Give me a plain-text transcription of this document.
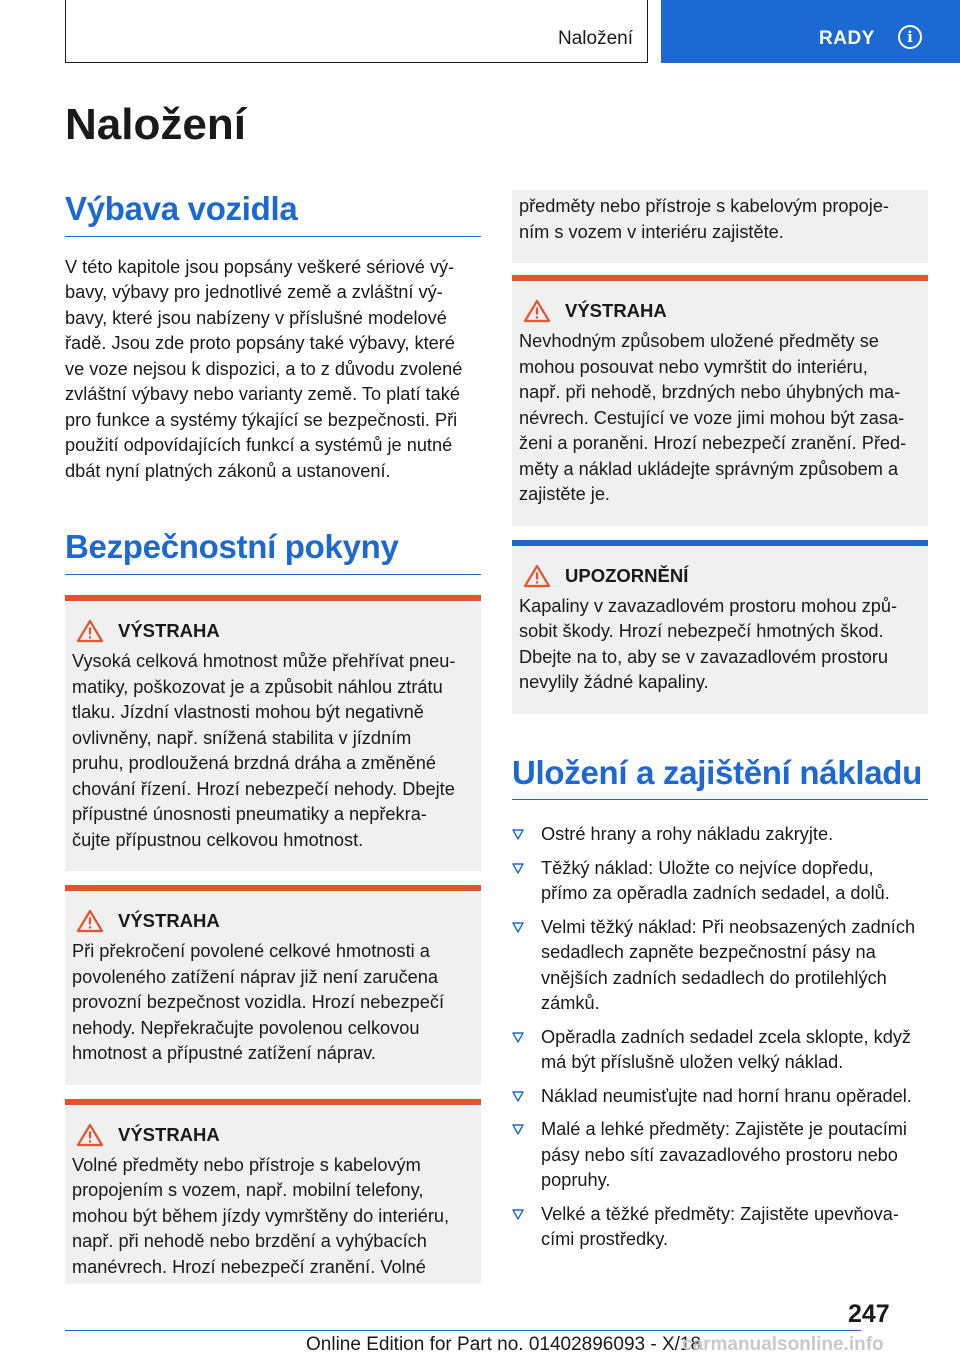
Naložení	RADY	i
Naložení
Výbava vozidla

V této kapitole jsou popsány veškeré sériové vý‐
bavy, výbavy pro jednotlivé země a zvláštní vý‐
bavy, které jsou nabízeny v příslušné modelové
řadě. Jsou zde proto popsány také výbavy, které
ve voze nejsou k dispozici, a to z důvodu zvolené
zvláštní výbavy nebo varianty země. To platí také
pro funkce a systémy týkající se bezpečnosti. Při
použití odpovídajících funkcí a systémů je nutné
dbát nyní platných zákonů a ustanovení.

Bezpečnostní pokyny
VÝSTRAHA
Vysoká celková hmotnost může přehřívat pneu‐
matiky, poškozovat je a způsobit náhlou ztrátu
tlaku. Jízdní vlastnosti mohou být negativně
ovlivněny, např. snížená stabilita v jízdním
pruhu, prodloužená brzdná dráha a změněné
chování řízení. Hrozí nebezpečí nehody. Dbejte
přípustné únosnosti pneumatiky a nepřekra‐
čujte přípustnou celkovou hmotnost.
VÝSTRAHA
Při překročení povolené celkové hmotnosti a
povoleného zatížení náprav již není zaručena
provozní bezpečnost vozidla. Hrozí nebezpečí
nehody. Nepřekračujte povolenou celkovou
hmotnost a přípustné zatížení náprav.
VÝSTRAHA
Volné předměty nebo přístroje s kabelovým
propojením s vozem, např. mobilní telefony,
mohou být během jízdy vymrštěny do interiéru,
např. při nehodě nebo brzdění a vyhýbacích
manévrech. Hrozí nebezpečí zranění. Volné
předměty nebo přístroje s kabelovým propoje‐
ním s vozem v interiéru zajistěte.
VÝSTRAHA
Nevhodným způsobem uložené předměty se
mohou posouvat nebo vymrštit do interiéru,
např. při nehodě, brzdných nebo úhybných ma‐
névrech. Cestující ve voze jimi mohou být zasa‐
ženi a poraněni. Hrozí nebezpečí zranění. Před‐
měty a náklad ukládejte správným způsobem a
zajistěte je.
UPOZORNĚNÍ
Kapaliny v zavazadlovém prostoru mohou způ‐
sobit škody. Hrozí nebezpečí hmotných škod.
Dbejte na to, aby se v zavazadlovém prostoru
nevylily žádné kapaliny.
Uložení a zajištění nákladu
Ostré hrany a rohy nákladu zakryjte.
Těžký náklad: Uložte co nejvíce dopředu,
přímo za opěradla zadních sedadel, a dolů.
Velmi těžký náklad: Při neobsazených zadních
sedadlech zapněte bezpečnostní pásy na
vnějších zadních sedadlech do protilehlých
zámků.
Opěradla zadních sedadel zcela sklopte, když
má být příslušně uložen velký náklad.
Náklad neumisťujte nad horní hranu opěradel.
Malé a lehké předměty: Zajistěte je poutacími
pásy nebo sítí zavazadlového prostoru nebo
popruhy.
Velké a těžké předměty: Zajistěte upevňova‐
cími prostředky.
247
Online Edition for Part no. 01402896093 - X/18
carmanualsonline.info
